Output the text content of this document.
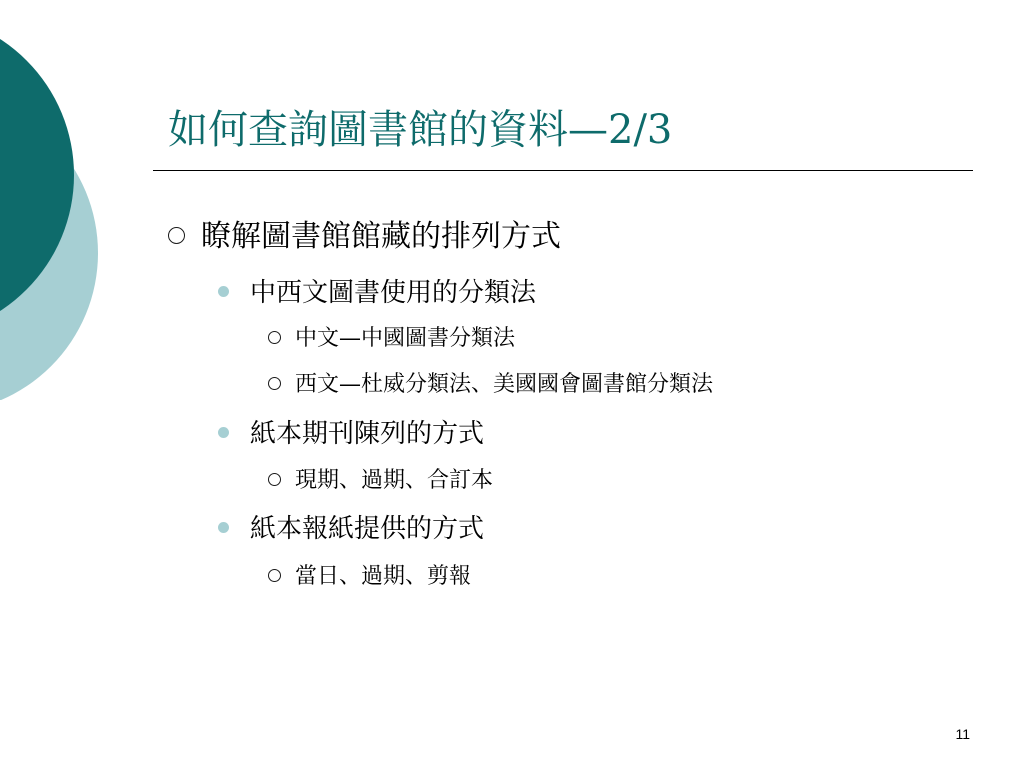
如何查詢圖書館的資料—2/3
瞭解圖書館館藏的排列方式
中西文圖書使用的分類法
中文—中國圖書分類法
西文—杜威分類法、美國國會圖書館分類法
紙本期刊陳列的方式
現期、過期、合訂本
紙本報紙提供的方式
當日、過期、剪報
11
